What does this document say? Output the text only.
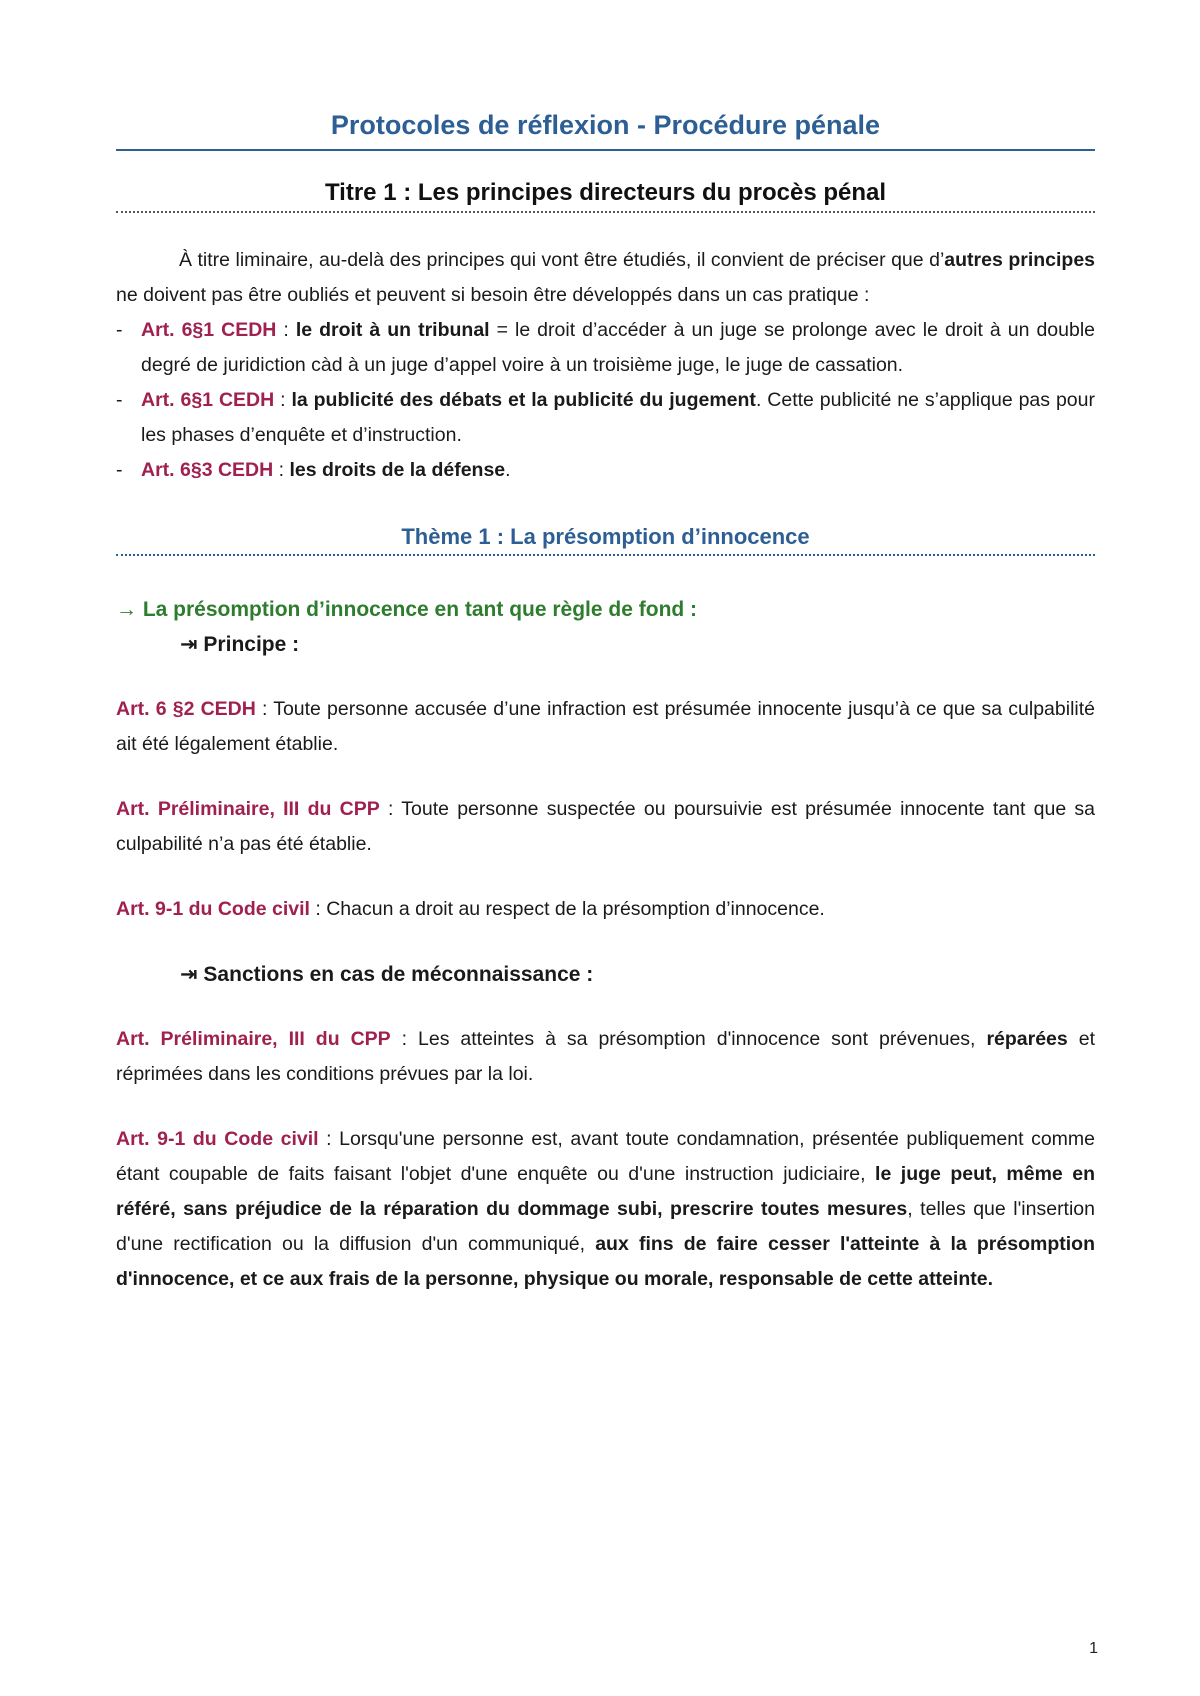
Protocoles de réflexion - Procédure pénale
Titre 1 : Les principes directeurs du procès pénal

À titre liminaire, au-delà des principes qui vont être étudiés, il convient de préciser que d’autres principes ne doivent pas être oubliés et peuvent si besoin être développés dans un cas pratique :

- Art. 6§1 CEDH : le droit à un tribunal = le droit d’accéder à un juge se prolonge avec le droit à un double degré de juridiction càd à un juge d’appel voire à un troisième juge, le juge de cassation.
- Art. 6§1 CEDH : la publicité des débats et la publicité du jugement. Cette publicité ne s’applique pas pour les phases d’enquête et d’instruction.
- Art. 6§3 CEDH : les droits de la défense.
Thème 1 : La présomption d’innocence

→ La présomption d’innocence en tant que règle de fond :

⇥ Principe :

Art. 6 §2 CEDH : Toute personne accusée d’une infraction est présumée innocente jusqu’à ce que sa culpabilité ait été légalement établie.

Art. Préliminaire, III du CPP : Toute personne suspectée ou poursuivie est présumée innocente tant que sa culpabilité n’a pas été établie.

Art. 9-1 du Code civil : Chacun a droit au respect de la présomption d’innocence.

⇥ Sanctions en cas de méconnaissance :

Art. Préliminaire, III du CPP : Les atteintes à sa présomption d'innocence sont prévenues, réparées et réprimées dans les conditions prévues par la loi.

Art. 9-1 du Code civil : Lorsqu'une personne est, avant toute condamnation, présentée publiquement comme étant coupable de faits faisant l'objet d'une enquête ou d'une instruction judiciaire, le juge peut, même en référé, sans préjudice de la réparation du dommage subi, prescrire toutes mesures, telles que l'insertion d'une rectification ou la diffusion d'un communiqué, aux fins de faire cesser l'atteinte à la présomption d'innocence, et ce aux frais de la personne, physique ou morale, responsable de cette atteinte.

1
